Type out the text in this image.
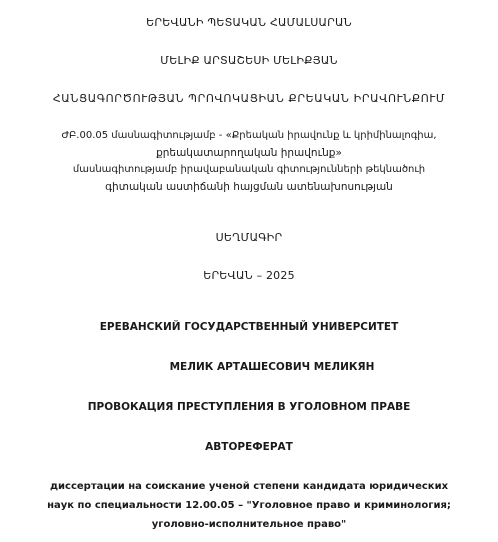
ԵՐԵՎԱՆԻ ՊԵՏԱԿԱՆ ՀԱՄԱԼՍԱՐԱՆ
ՄԵԼԻՔ ԱՐՏԱՇԵՍԻ ՄԵԼԻՔՅԱՆ
ՀԱՆՑԱԳՈՐԾՈՒԹՅԱՆ ՊՐՈՎՈԿԱՑԻԱՆ ՔՐԵԱԿԱՆ ԻՐԱՎՈՒՆՔՈՒՄ
ԺԲ.00.05 մասնագիտությամբ - «Քրեական իրավունք և կրիմինալոգիա,
քրեակատարողական իրավունք»
մասնագիտությամբ իրավաբանական գիտությունների թեկնածուի
գիտական աստիճանի հայցման ատենախոսության
ՍԵՂՄԱԳԻՐ
ԵՐԵՎԱՆ – 2025
ЕРЕВАНСКИЙ ГОСУДАРСТВЕННЫЙ УНИВЕРСИТЕТ
МЕЛИК АРТАШЕСОВИЧ МЕЛИКЯН
ПРОВОКАЦИЯ ПРЕСТУПЛЕНИЯ В УГОЛОВНОМ ПРАВЕ
АВТОРЕФЕРАТ
диссертации на соискание ученой степени кандидата юридических
наук по специальности 12.00.05 – "Уголовное право и криминология;
уголовно-исполнительное право"
